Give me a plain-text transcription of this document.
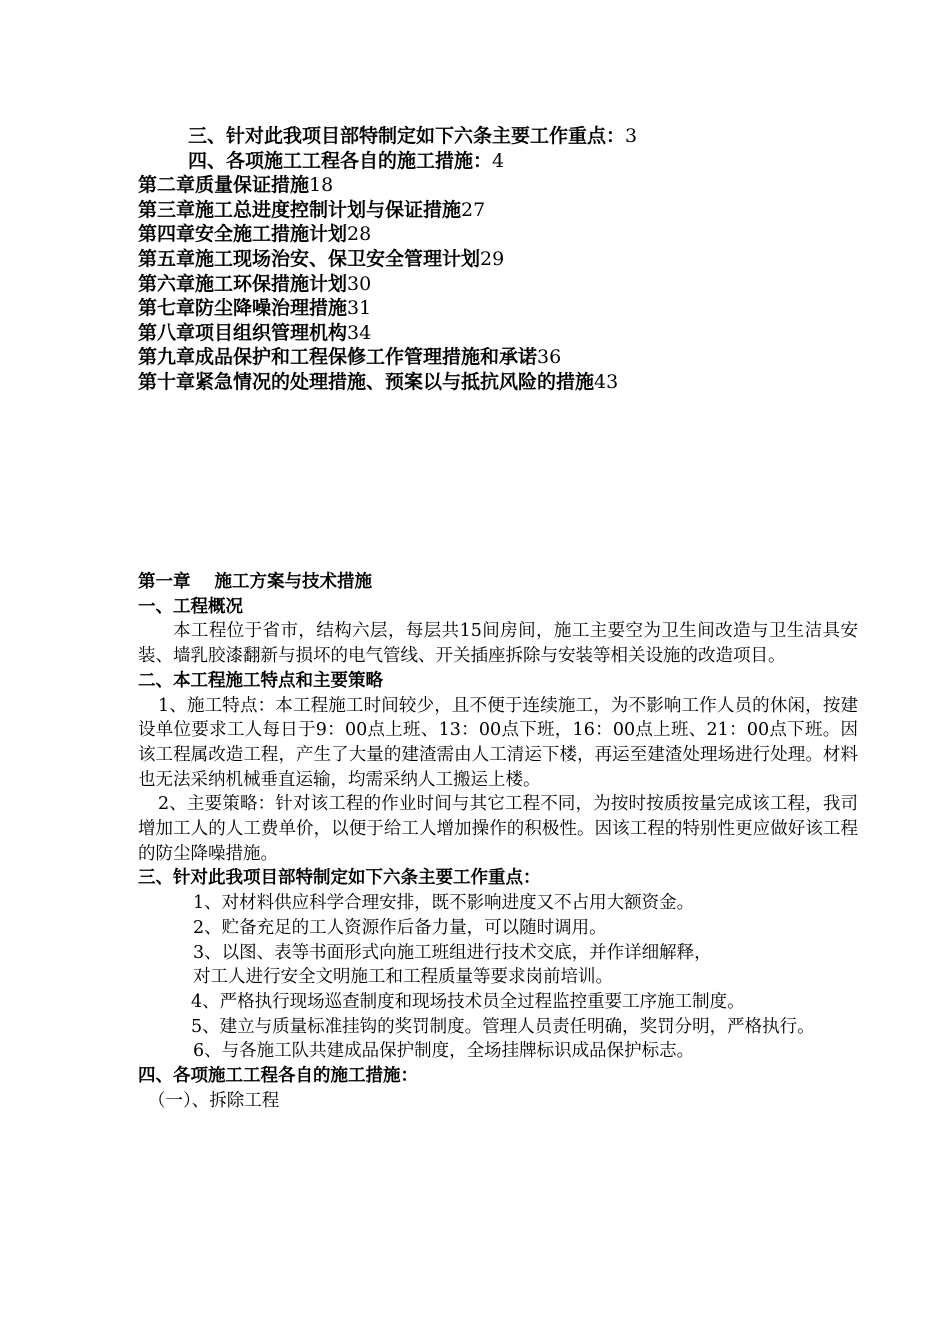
三、针对此我项目部特制定如下六条主要工作重点：3
四、各项施工工程各自的施工措施：4
第二章质量保证措施18
第三章施工总进度控制计划与保证措施27
第四章安全施工措施计划28
第五章施工现场治安、保卫安全管理计划29
第六章施工环保措施计划30
第七章防尘降噪治理措施31
第八章项目组织管理机构34
第九章成品保护和工程保修工作管理措施和承诺36
第十章紧急情况的处理措施、预案以与抵抗风险的措施43
第一章 施工方案与技术措施
一、工程概况
本工程位于省市，结构六层，每层共15间房间，施工主要空为卫生间改造与卫生洁具安装、墙乳胶漆翻新与损坏的电气管线、开关插座拆除与安装等相关设施的改造项目。
二、本工程施工特点和主要策略
1、施工特点：本工程施工时间较少，且不便于连续施工，为不影响工作人员的休闲，按建设单位要求工人每日于9：00点上班、13：00点下班，16：00点上班、21：00点下班。因该工程属改造工程，产生了大量的建渣需由人工清运下楼，再运至建渣处理场进行处理。材料也无法采纳机械垂直运输，均需采纳人工搬运上楼。
2、主要策略：针对该工程的作业时间与其它工程不同，为按时按质按量完成该工程，我司增加工人的人工费单价，以便于给工人增加操作的积极性。因该工程的特别性更应做好该工程的防尘降噪措施。
三、针对此我项目部特制定如下六条主要工作重点：
1、对材料供应科学合理安排，既不影响进度又不占用大额资金。
2、贮备充足的工人资源作后备力量，可以随时调用。
3、以图、表等书面形式向施工班组进行技术交底，并作详细解释，
对工人进行安全文明施工和工程质量等要求岗前培训。
4、严格执行现场巡查制度和现场技术员全过程监控重要工序施工制度。
5、建立与质量标准挂钩的奖罚制度。管理人员责任明确，奖罚分明，严格执行。
6、与各施工队共建成品保护制度，全场挂牌标识成品保护标志。
四、各项施工工程各自的施工措施：
（一）、拆除工程
